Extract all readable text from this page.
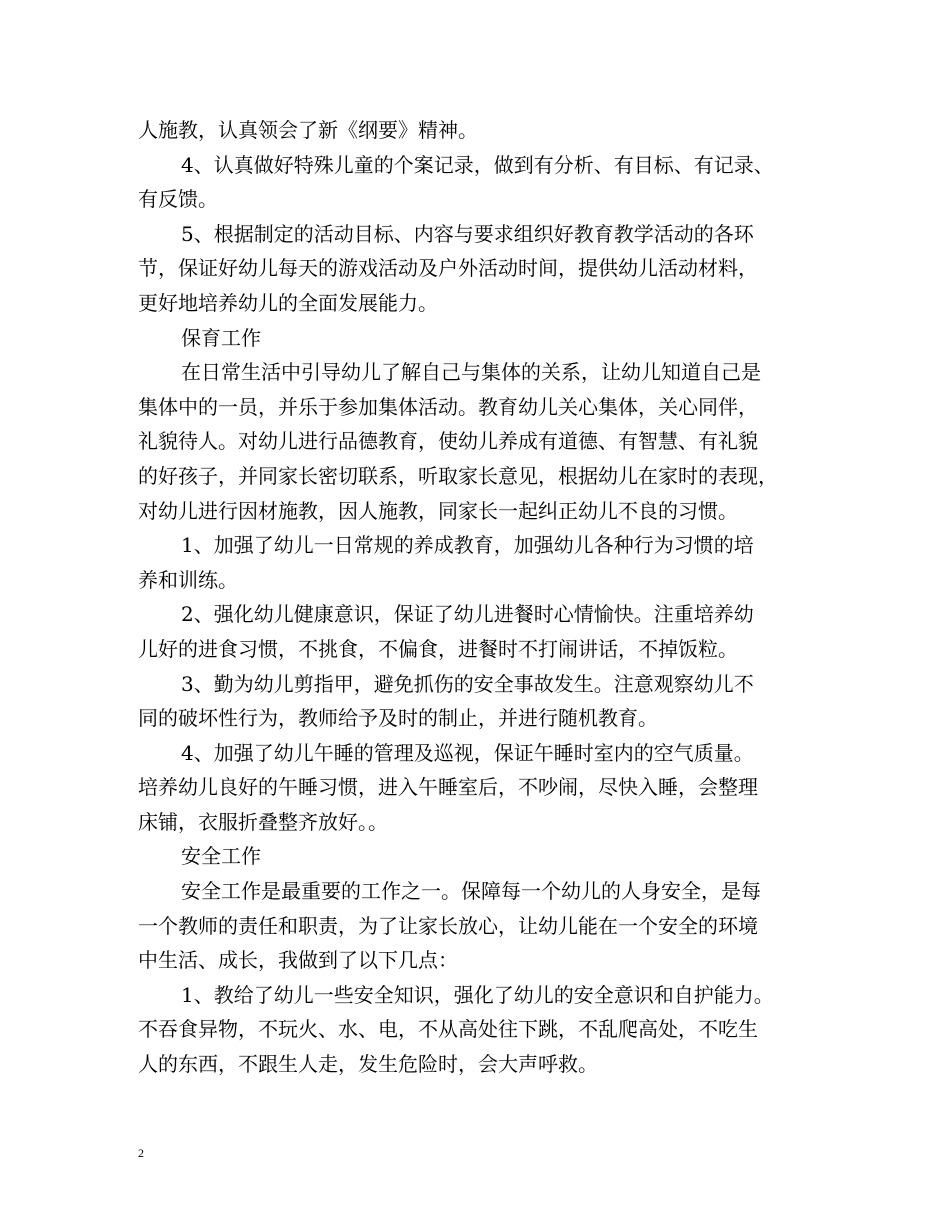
人施教，认真领会了新《纲要》精神。
4、认真做好特殊儿童的个案记录，做到有分析、有目标、有记录、
有反馈。
5、根据制定的活动目标、内容与要求组织好教育教学活动的各环
节，保证好幼儿每天的游戏活动及户外活动时间，提供幼儿活动材料，
更好地培养幼儿的全面发展能力。
保育工作
在日常生活中引导幼儿了解自己与集体的关系，让幼儿知道自己是
集体中的一员，并乐于参加集体活动。教育幼儿关心集体，关心同伴，
礼貌待人。对幼儿进行品德教育，使幼儿养成有道德、有智慧、有礼貌
的好孩子，并同家长密切联系，听取家长意见，根据幼儿在家时的表现，
对幼儿进行因材施教，因人施教，同家长一起纠正幼儿不良的习惯。
1、加强了幼儿一日常规的养成教育，加强幼儿各种行为习惯的培
养和训练。
2、强化幼儿健康意识，保证了幼儿进餐时心情愉快。注重培养幼
儿好的进食习惯，不挑食，不偏食，进餐时不打闹讲话，不掉饭粒。
3、勤为幼儿剪指甲，避免抓伤的安全事故发生。注意观察幼儿不
同的破坏性行为，教师给予及时的制止，并进行随机教育。
4、加强了幼儿午睡的管理及巡视，保证午睡时室内的空气质量。
培养幼儿良好的午睡习惯，进入午睡室后，不吵闹，尽快入睡，会整理
床铺，衣服折叠整齐放好。。
安全工作
安全工作是最重要的工作之一。保障每一个幼儿的人身安全，是每
一个教师的责任和职责，为了让家长放心，让幼儿能在一个安全的环境
中生活、成长，我做到了以下几点：
1、教给了幼儿一些安全知识，强化了幼儿的安全意识和自护能力。
不吞食异物，不玩火、水、电，不从高处往下跳，不乱爬高处，不吃生
人的东西，不跟生人走，发生危险时，会大声呼救。
2
